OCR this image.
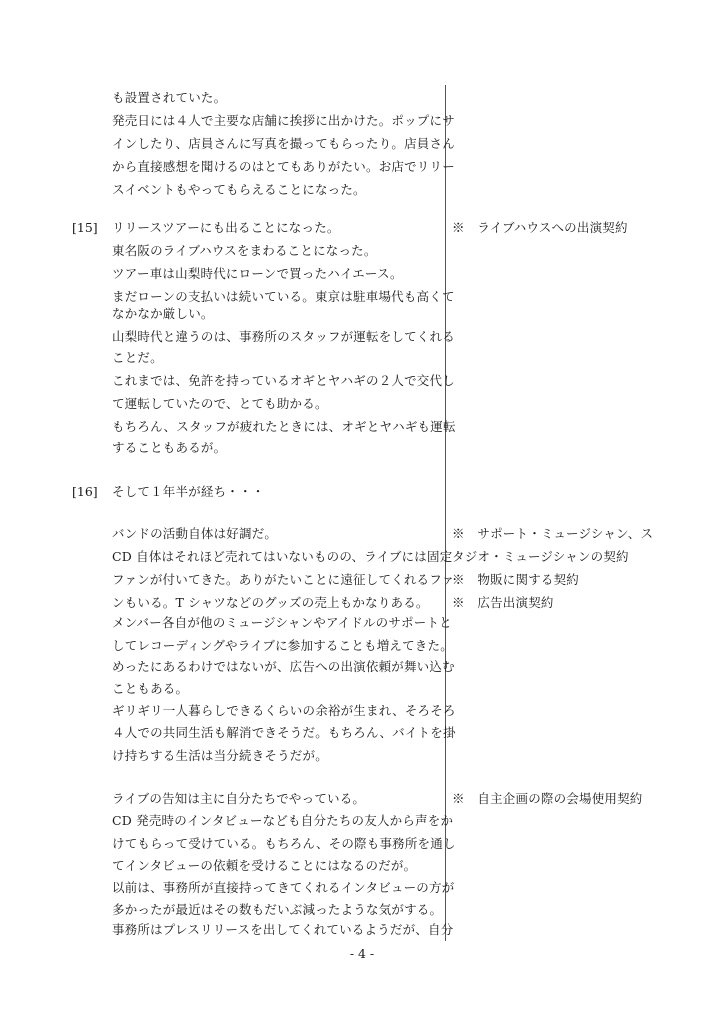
[15]
[16]
も設置されていた。
発売日には４人で主要な店舗に挨拶に出かけた。ポップにサ
インしたり、店員さんに写真を撮ってもらったり。店員さん
から直接感想を聞けるのはとてもありがたい。お店でリリー
スイベントもやってもらえることになった。
リリースツアーにも出ることになった。
東名阪のライブハウスをまわることになった。
ツアー車は山梨時代にローンで買ったハイエース。
まだローンの支払いは続いている。東京は駐車場代も高くて
なかなか厳しい。
山梨時代と違うのは、事務所のスタッフが運転をしてくれる
ことだ。
これまでは、免許を持っているオギとヤハギの２人で交代し
て運転していたので、とても助かる。
もちろん、スタッフが疲れたときには、オギとヤハギも運転
することもあるが。
そして１年半が経ち・・・
バンドの活動自体は好調だ。
CD 自体はそれほど売れてはいないものの、ライブには固定
ファンが付いてきた。ありがたいことに遠征してくれるファ
ンもいる。T シャツなどのグッズの売上もかなりある。
メンバー各自が他のミュージシャンやアイドルのサポートと
してレコーディングやライブに参加することも増えてきた。
めったにあるわけではないが、広告への出演依頼が舞い込む
こともある。
ギリギリ一人暮らしできるくらいの余裕が生まれ、そろそろ
４人での共同生活も解消できそうだ。もちろん、バイトを掛
け持ちする生活は当分続きそうだが。
ライブの告知は主に自分たちでやっている。
CD 発売時のインタビューなども自分たちの友人から声をか
けてもらって受けている。もちろん、その際も事務所を通し
てインタビューの依頼を受けることにはなるのだが。
以前は、事務所が直接持ってきてくれるインタビューの方が
多かったが最近はその数もだいぶ減ったような気がする。
事務所はプレスリリースを出してくれているようだが、自分
※　ライブハウスへの出演契約
※　サポート・ミュージシャン、ス
タジオ・ミュージシャンの契約
※　物販に関する契約
※　広告出演契約
※　自主企画の際の会場使用契約
- 4 -
